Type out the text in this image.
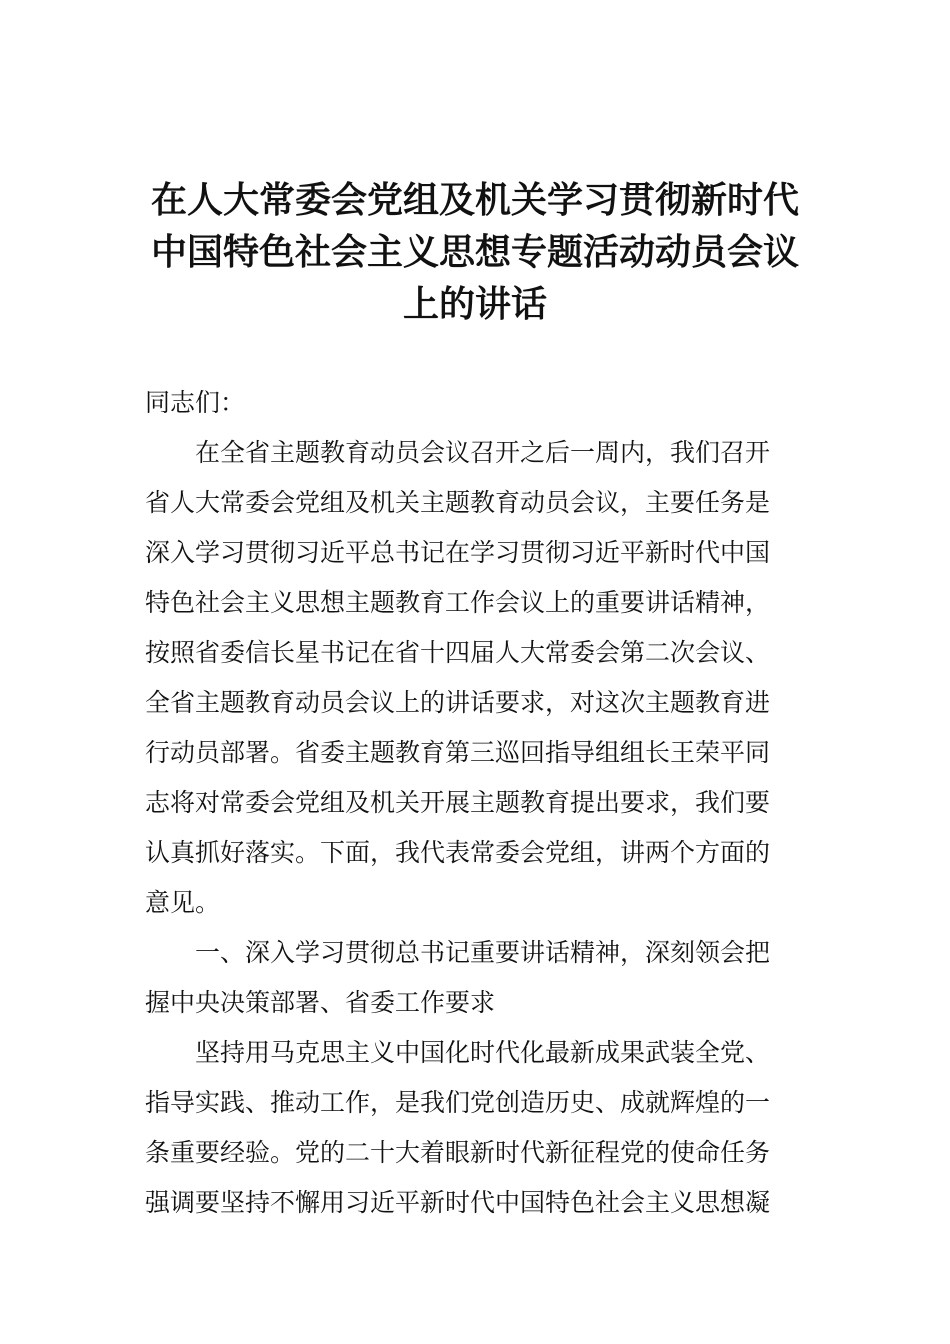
在人大常委会党组及机关学习贯彻新时代
中国特色社会主义思想专题活动动员会议
上的讲话

同志们：

在全省主题教育动员会议召开之后一周内，我们召开
省人大常委会党组及机关主题教育动员会议，主要任务是
深入学习贯彻习近平总书记在学习贯彻习近平新时代中国
特色社会主义思想主题教育工作会议上的重要讲话精神，
按照省委信长星书记在省十四届人大常委会第二次会议、
全省主题教育动员会议上的讲话要求，对这次主题教育进
行动员部署。省委主题教育第三巡回指导组组长王荣平同
志将对常委会党组及机关开展主题教育提出要求，我们要
认真抓好落实。下面，我代表常委会党组，讲两个方面的
意见。

一、深入学习贯彻总书记重要讲话精神，深刻领会把
握中央决策部署、省委工作要求

坚持用马克思主义中国化时代化最新成果武装全党、
指导实践、推动工作，是我们党创造历史、成就辉煌的一
条重要经验。党的二十大着眼新时代新征程党的使命任务
强调要坚持不懈用习近平新时代中国特色社会主义思想凝
